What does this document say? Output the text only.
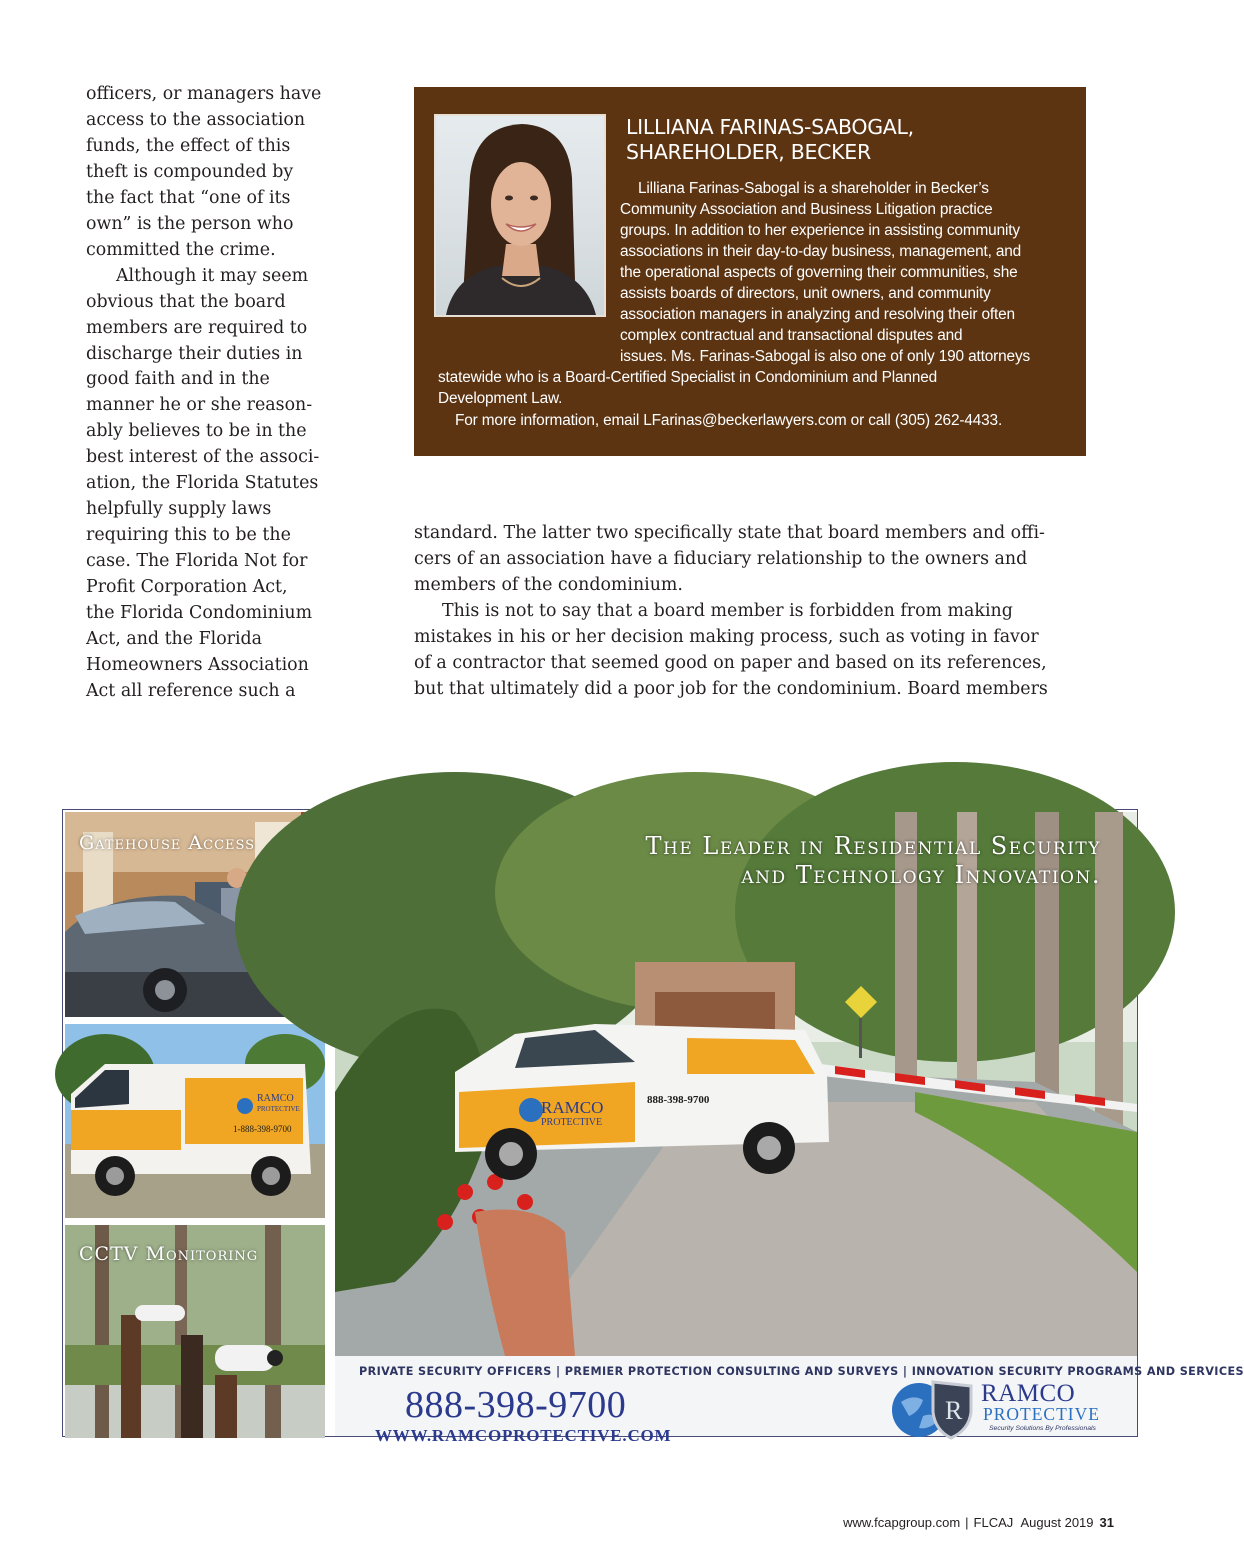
officers, or managers have

access to the association

funds, the effect of this

theft is compounded by

the fact that “one of its

own” is the person who

committed the crime.

Although it may seem

obvious that the board

members are required to

discharge their duties in

good faith and in the

manner he or she reason-

ably believes to be in the

best interest of the associ-

ation, the Florida Statutes

helpfully supply laws

requiring this to be the

case. The Florida Not for

Profit Corporation Act,

the Florida Condominium

Act, and the Florida

Homeowners Association

Act all reference such a

LILLIANA FARINAS-SABOGAL,
SHAREHOLDER, BECKER
Lilliana Farinas-Sabogal is a shareholder in Becker’s
Community Association and Business Litigation practice
groups. In addition to her experience in assisting community
associations in their day-to-day business, management, and
the operational aspects of governing their communities, she
assists boards of directors, unit owners, and community
association managers in analyzing and resolving their often
complex contractual and transactional disputes and
issues. Ms. Farinas-Sabogal is also one of only 190 attorneys
statewide who is a Board-Certified Specialist in Condominium and Planned
Development Law.
For more information, email LFarinas@beckerlawyers.com or call (305) 262-4433.

standard. The latter two specifically state that board members and offi-

cers of an association have a fiduciary relationship to the owners and

members of the condominium.

This is not to say that a board member is forbidden from making

mistakes in his or her decision making process, such as voting in favor

of a contractor that seemed good on paper and based on its references,

but that ultimately did a poor job for the condominium. Board members

Gatehouse Access
RAMCO
PROTECTIVE
1-888-398-9700
CCTV Monitoring
RAMCO
PROTECTIVE
888-398-9700
The Leader in Residential Security
and Technology Innovation.
PRIVATE SECURITY OFFICERS | PREMIER PROTECTION CONSULTING AND SURVEYS | INNOVATION SECURITY PROGRAMS AND SERVICES
888-398-9700
WWW.RAMCOPROTECTIVE.COM
R
RAMCO
PROTECTIVE
Security Solutions By Professionals
www.fcapgroup.com | FLCAJ August 2019 31
